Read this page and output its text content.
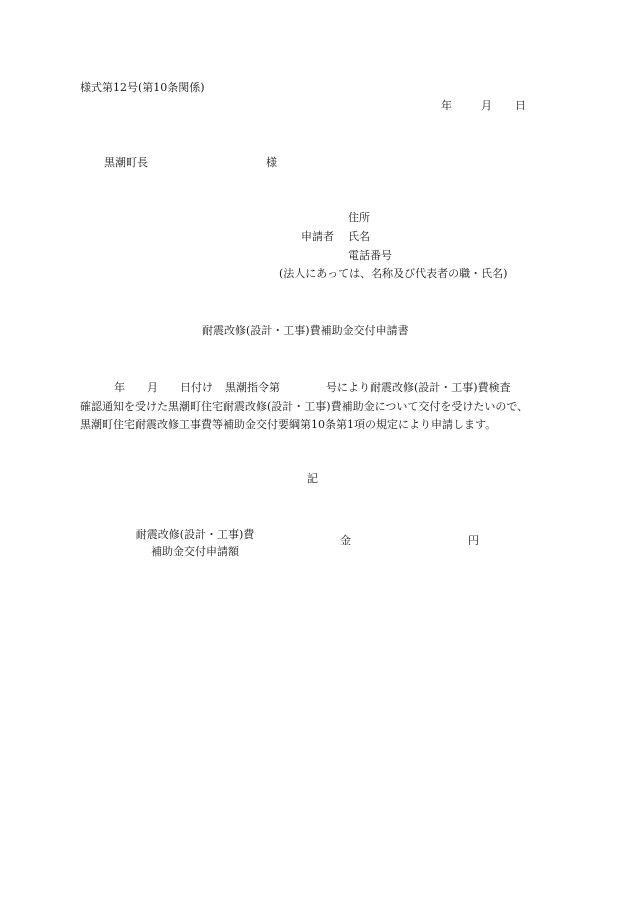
様式第12号(第10条関係)
年	月 日
黒潮町長	様
住所
申請者 氏名
電話番号
(法人にあっては、名称及び代表者の職・氏名)
耐震改修(設計・工事)費補助金交付申請書
年 月 日付け 黒潮指令第	号により耐震改修(設計・工事)費検査
確認通知を受けた黒潮町住宅耐震改修(設計・工事)費補助金について交付を受けたいので、
黒潮町住宅耐震改修工事費等補助金交付要綱第10条第1項の規定により申請します。
記
耐震改修(設計・工事)費
補助金交付申請額
金	円
